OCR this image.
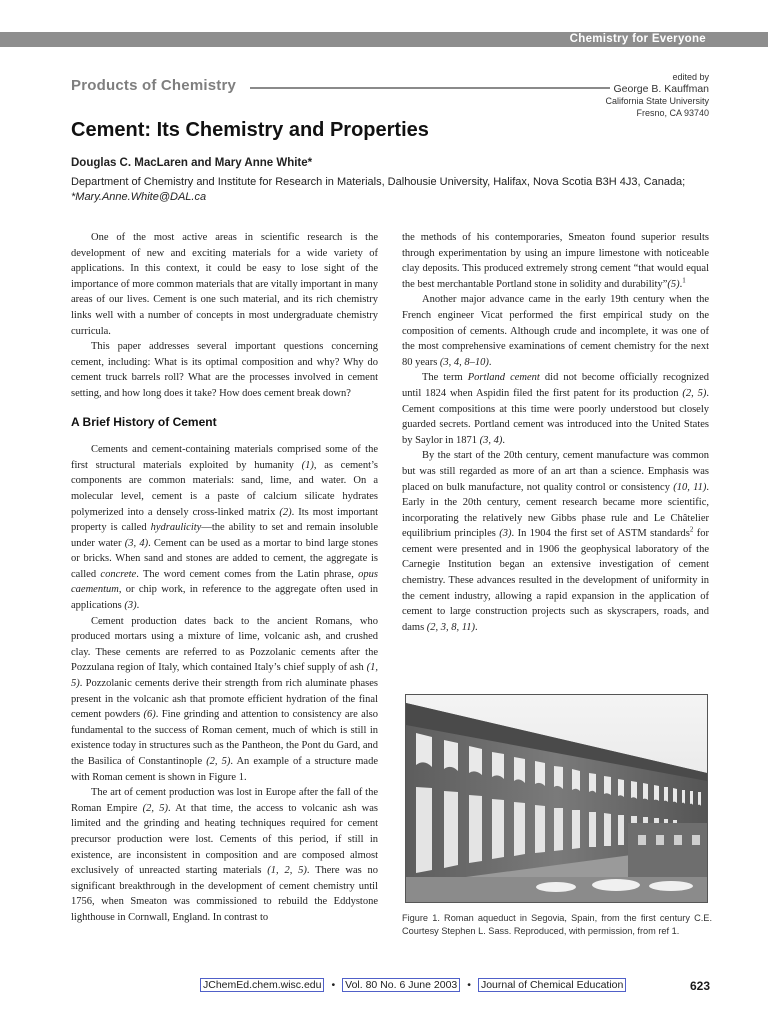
Chemistry for Everyone
Products of Chemistry	edited by
George B. Kauffman
California State University
Fresno, CA 93740
Cement: Its Chemistry and Properties
Douglas C. MacLaren and Mary Anne White*
Department of Chemistry and Institute for Research in Materials, Dalhousie University, Halifax, Nova Scotia B3H 4J3, Canada; *Mary.Anne.White@DAL.ca

One of the most active areas in scientific research is the development of new and exciting materials for a wide variety of applications. In this context, it could be easy to lose sight of the importance of more common materials that are vitally important in many areas of our lives. Cement is one such material, and its rich chemistry links well with a number of concepts in most undergraduate chemistry curricula.

This paper addresses several important questions concerning cement, including: What is its optimal composition and why? Why do cement truck barrels roll? What are the processes involved in cement setting, and how long does it take? How does cement break down?

A Brief History of Cement

Cements and cement-containing materials comprised some of the first structural materials exploited by humanity (1), as cement’s components are common materials: sand, lime, and water. On a molecular level, cement is a paste of calcium silicate hydrates polymerized into a densely cross-linked matrix (2). Its most important property is called hydraulicity—the ability to set and remain insoluble under water (3, 4). Cement can be used as a mortar to bind large stones or bricks. When sand and stones are added to cement, the aggregate is called concrete. The word cement comes from the Latin phrase, opus caementum, or chip work, in reference to the aggregate often used in applications (3).

Cement production dates back to the ancient Romans, who produced mortars using a mixture of lime, volcanic ash, and crushed clay. These cements are referred to as Pozzolanic cements after the Pozzulana region of Italy, which contained Italy’s chief supply of ash (1, 5). Pozzolanic cements derive their strength from rich aluminate phases present in the volcanic ash that promote efficient hydration of the final cement powders (6). Fine grinding and attention to consistency are also fundamental to the success of Roman cement, much of which is still in existence today in structures such as the Pantheon, the Pont du Gard, and the Basilica of Constantinople (2, 5). An example of a structure made with Roman cement is shown in Figure 1.

The art of cement production was lost in Europe after the fall of the Roman Empire (2, 5). At that time, the access to volcanic ash was limited and the grinding and heating techniques required for cement precursor production were lost. Cements of this period, if still in existence, are inconsistent in composition and are composed almost exclusively of unreacted starting materials (1, 2, 5). There was no significant breakthrough in the development of cement chemistry until 1756, when Smeaton was commissioned to rebuild the Eddystone lighthouse in Cornwall, England. In contrast to

the methods of his contemporaries, Smeaton found superior results through experimentation by using an impure limestone with noticeable clay deposits. This produced extremely strong cement “that would equal the best merchantable Portland stone in solidity and durability”(5).$^1$

Another major advance came in the early 19th century when the French engineer Vicat performed the first empirical study on the composition of cements. Although crude and incomplete, it was one of the most comprehensive examinations of cement chemistry for the next 80 years (3, 4, 8–10).

The term Portland cement did not become officially recognized until 1824 when Aspidin filed the first patent for its production (2, 5). Cement compositions at this time were poorly understood but closely guarded secrets. Portland cement was introduced into the United States by Saylor in 1871 (3, 4).

By the start of the 20th century, cement manufacture was common but was still regarded as more of an art than a science. Emphasis was placed on bulk manufacture, not quality control or consistency (10, 11). Early in the 20th century, cement research became more scientific, incorporating the relatively new Gibbs phase rule and Le Châtelier equilibrium principles (3). In 1904 the first set of ASTM standards$^2$ for cement were presented and in 1906 the geophysical laboratory of the Carnegie Institution began an extensive investigation of cement chemistry. These advances resulted in the development of uniformity in the cement industry, allowing a rapid expansion in the application of cement to large construction projects such as skyscrapers, roads, and dams (2, 3, 8, 11).

Figure 1. Roman aqueduct in Segovia, Spain, from the first century C.E. Courtesy Stephen L. Sass. Reproduced, with permission, from ref 1.
JChemEd.chem.wisc.edu • Vol. 80 No. 6 June 2003 • Journal of Chemical Education	623
